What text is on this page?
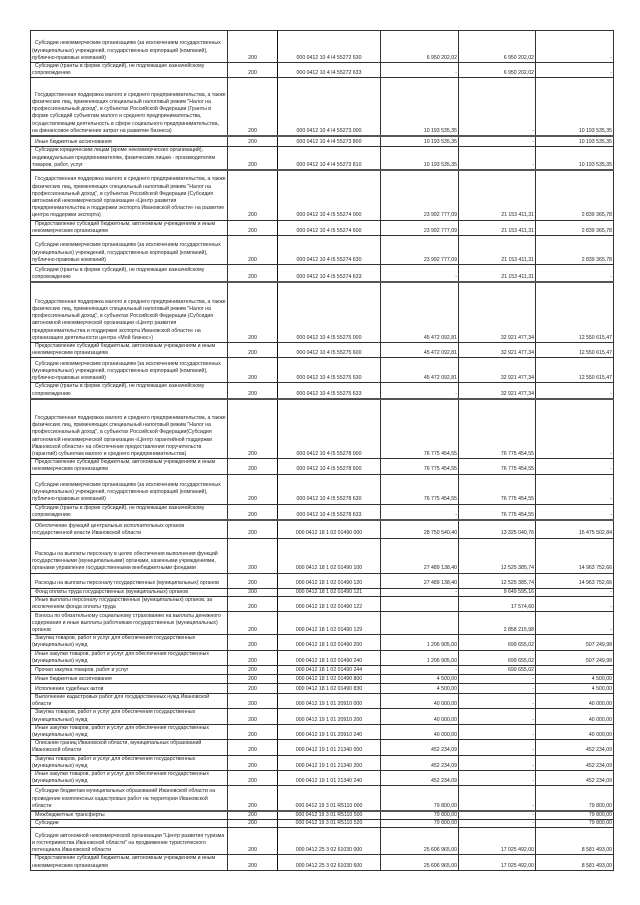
Субсидии некоммерческим организациям (за исключением государственных (муниципальных) учреждений, государственных корпораций (компаний), публично-правовых компаний)	200	000 0412 10 4 I4 55272 630	6 950 202,02	6 950 202,02	-
Субсидии (гранты в форме субсидий), не подлежащие казначейскому сопровождению	200	000 0412 10 4 I4 55272 633	-	6 950 202,02	-
Государственная поддержка малого и среднего предпринимательства, а также физических лиц, применяющих специальный налоговый режим "Налог на профессиональный доход", в субъектах Российской Федерации (Гранты в форме субсидий субъектам малого и среднего предпринимательства, осуществляющим деятельность в сфере социального предпринимательства, на финансовое обеспечение затрат на развитие бизнеса)	200	000 0412 10 4 I4 55273 000	10 193 535,35	-	10 193 535,35
Иные бюджетные ассигнования	200	000 0412 10 4 I4 55273 800	10 193 535,35	-	10 193 535,35
Субсидии юридическим лицам (кроме некоммерческих организаций), индивидуальным предпринимателям, физическим лицам - производителям товаров, работ, услуг	200	000 0412 10 4 I4 55273 810	10 193 535,35	-	10 193 535,35
Государственная поддержка малого и среднего предпринимательства, а также физических лиц, применяющих специальный налоговый режим "Налог на профессиональный доход", в субъектах Российской Федерации (Субсидия автономной некоммерческой организации «Центр развития предпринимательства и поддержки экспорта Ивановской области» на развитие центра поддержки экспорта)	200	000 0412 10 4 I5 55274 000	23 992 777,09	21 153 411,31	2 839 365,78
Предоставление субсидий бюджетным, автономным учреждениям и иным некоммерческим организациям	200	000 0412 10 4 I5 55274 600	23 992 777,09	21 153 411,31	2 839 365,78
Субсидии некоммерческим организациям (за исключением государственных (муниципальных) учреждений, государственных корпораций (компаний), публично-правовых компаний)	200	000 0412 10 4 I5 55274 630	23 992 777,09	21 153 411,31	2 839 365,78
Субсидии (гранты в форме субсидий), не подлежащие казначейскому сопровождению	200	000 0412 10 4 I5 55274 633	-	21 153 411,31	-
Государственная поддержка малого и среднего предпринимательства, а также физических лиц, применяющих специальный налоговый режим "Налог на профессиональный доход", в субъектах Российской Федерации (Субсидия автономной некоммерческой организации «Центр развития предпринимательства и поддержки экспорта Ивановской области» на организацию деятельности центра «Мой бизнес»)	200	000 0412 10 4 I5 55275 000	45 472 092,81	32 921 477,34	12 550 615,47
Предоставление субсидий бюджетным, автономным учреждениям и иным некоммерческим организациям	200	000 0412 10 4 I5 55275 600	45 472 092,81	32 921 477,34	12 550 615,47
Субсидии некоммерческим организациям (за исключением государственных (муниципальных) учреждений, государственных корпораций (компаний), публично-правовых компаний)	200	000 0412 10 4 I5 55275 630	45 472 092,81	32 921 477,34	12 550 615,47
Субсидии (гранты в форме субсидий), не подлежащие казначейскому сопровождению	200	000 0412 10 4 I5 55275 633	-	32 921 477,34	-
Государственная поддержка малого и среднего предпринимательства, а также физических лиц, применяющих специальный налоговый режим "Налог на профессиональный доход", в субъектах Российской Федерации(Субсидия автономной некоммерческой организации «Центр гарантийной поддержки Ивановской области» на обеспечение предоставления поручительств (гарантий) субъектам малого и среднего предпринимательства)	200	000 0412 10 4 I5 55278 000	76 775 454,55	76 775 454,55	-
Предоставление субсидий бюджетным, автономным учреждениям и иным некоммерческим организациям	200	000 0412 10 4 I5 55278 600	76 775 454,55	76 775 454,55	-
Субсидии некоммерческим организациям (за исключением государственных (муниципальных) учреждений, государственных корпораций (компаний), публично-правовых компаний)	200	000 0412 10 4 I5 55278 630	76 775 454,55	76 775 454,55	-
Субсидии (гранты в форме субсидий), не подлежащие казначейскому сопровождению	200	000 0412 10 4 I5 55278 633	-	76 775 454,55	-
Обеспечение функций центральных исполнительных органов государственной власти Ивановской области	200	000 0412 18 1 02 01490 000	28 750 540,40	13 325 040,76	15 475 502,84
Расходы на выплаты персоналу в целях обеспечения выполнения функций государственными (муниципальными) органами, казенными учреждениями, органами управления государственными внебюджетными фондами	200	000 0412 18 1 02 01490 100	27 489 138,40	12 525 385,74	14 963 752,66
Расходы на выплаты персоналу государственных (муниципальных) органов	200	000 0412 18 1 02 01490 120	27 489 138,40	12 525 385,74	14 963 752,66
Фонд оплаты труда государственных (муниципальных) органов	200	000 0412 18 1 02 01490 121	-	9 649 595,16	-
Иные выплаты персоналу государственных (муниципальных) органов, за исключением фонда оплаты труда	200	000 0412 18 1 02 01490 122		17 574,60	-
Взносы по обязательному социальному страхованию на выплаты денежного содержания и иные выплаты работникам государственных (муниципальных) органов	200	000 0412 18 1 02 01490 129		2 858 215,98	-
Закупка товаров, работ и услуг для обеспечения государственных (муниципальных) нужд	200	000 0412 18 1 02 01490 200	1 206 905,00	699 655,02	507 249,98
Иные закупки товаров, работ и услуг для обеспечения государственных (муниципальных) нужд	200	000 0412 18 1 02 01490 240	1 206 905,00	699 655,02	507 249,98
Прочая закупка товаров, работ и услуг	200	000 0412 18 1 02 01490 244	-	699 655,02	-
Иные бюджетные ассигнования	200	000 0412 18 1 02 01490 800	4 500,00	-	4 500,00
Исполнение судебных актов	200	000 0412 18 1 02 01490 830	4 500,00	-	4 500,00
Выполнение кадастровых работ для государственных нужд Ивановской области	200	000 0412 19 1 01 20910 000	40 000,00	-	40 000,00
Закупка товаров, работ и услуг для обеспечения государственных (муниципальных) нужд	200	000 0412 19 1 01 20910 200	40 000,00	-	40 000,00
Иные закупки товаров, работ и услуг для обеспечения государственных (муниципальных) нужд	200	000 0412 19 1 01 20910 240	40 000,00	-	40 000,00
Описание границ Ивановской области, муниципальных образований Ивановской области	200	000 0412 19 1 01 21340 000	452 234,09	-	452 234,09
Закупка товаров, работ и услуг для обеспечения государственных (муниципальных) нужд	200	000 0412 19 1 01 21340 200	452 234,09	-	452 234,09
Иные закупки товаров, работ и услуг для обеспечения государственных (муниципальных) нужд	200	000 0412 19 1 01 21340 240	452 234,09	-	452 234,09
Субсидии бюджетам муниципальных образований Ивановской области на проведение комплексных кадастровых работ на территории Ивановской области	200	000 0412 19 3 01 R5110 000	79 800,00	-	79 800,00
Межбюджетные трансферты	200	000 0412 19 3 01 R5110 500	79 800,00	-	79 800,00
Субсидии	200	000 0412 19 3 01 R5110 520	79 800,00	-	79 800,00
Субсидия автономной некоммерческой организации "Центр развития туризма и гостеприимства Ивановской области" на продвижение туристического потенциала Ивановской области	200	000 0412 25 3 02 61030 000	25 606 965,00	17 025 492,00	8 581 493,00
Предоставление субсидий бюджетным, автономным учреждениям и иным некоммерческим организациям	200	000 0412 25 3 02 61030 600	25 606 965,00	17 025 492,00	8 581 493,00
